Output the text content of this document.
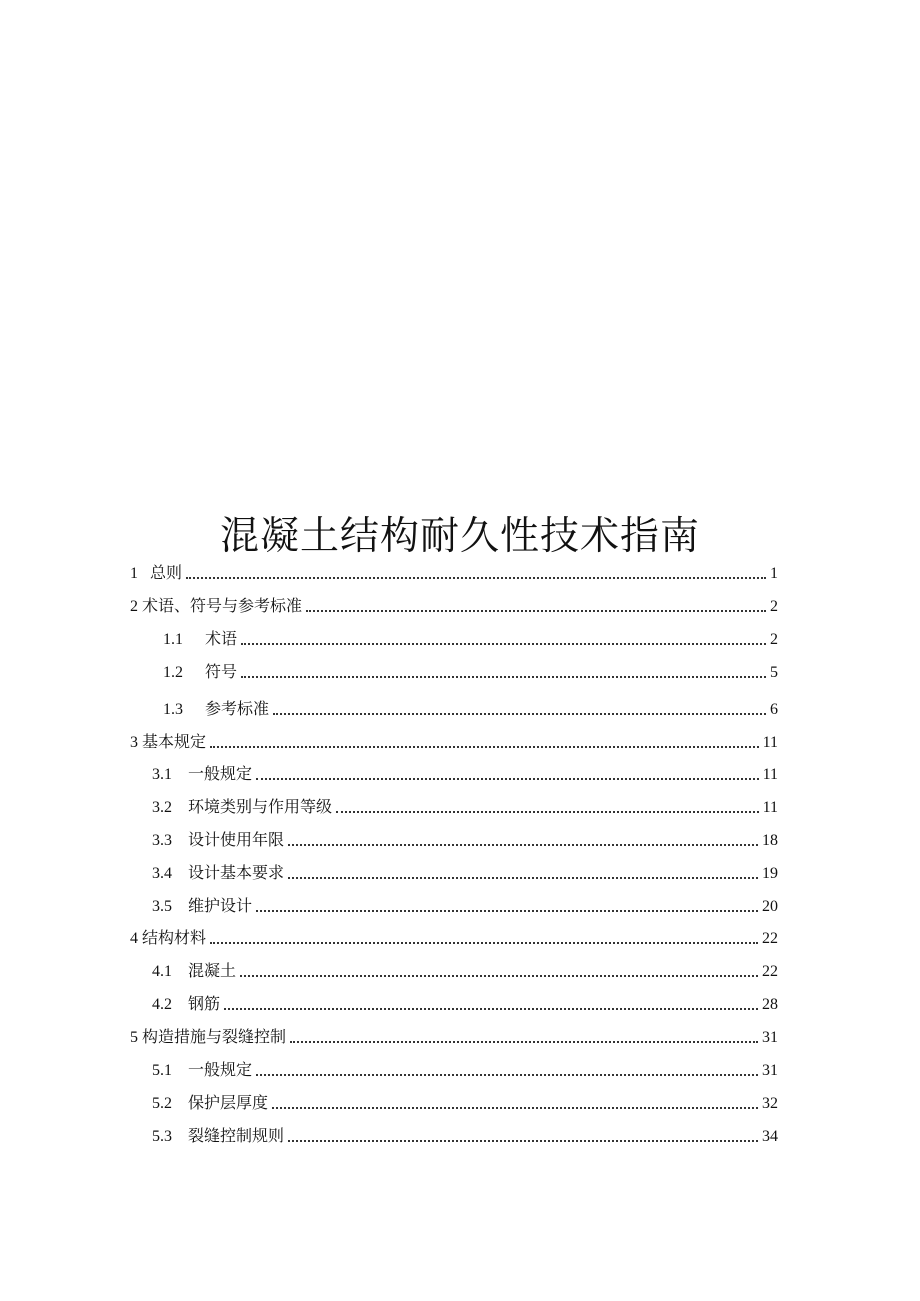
混凝土结构耐久性技术指南
1 总则	1
2 术语、符号与参考标准	2
1.1	术语	2
1.2	符号	5
1.3	参考标准	6
3 基本规定	11
3.1	一般规定	11
3.2	环境类别与作用等级	11
3.3	设计使用年限	18
3.4	设计基本要求	19
3.5	维护设计	20
4 结构材料	22
4.1	混凝土	22
4.2	钢筋	28
5 构造措施与裂缝控制	31
5.1	一般规定	31
5.2	保护层厚度	32
5.3	裂缝控制规则	34
